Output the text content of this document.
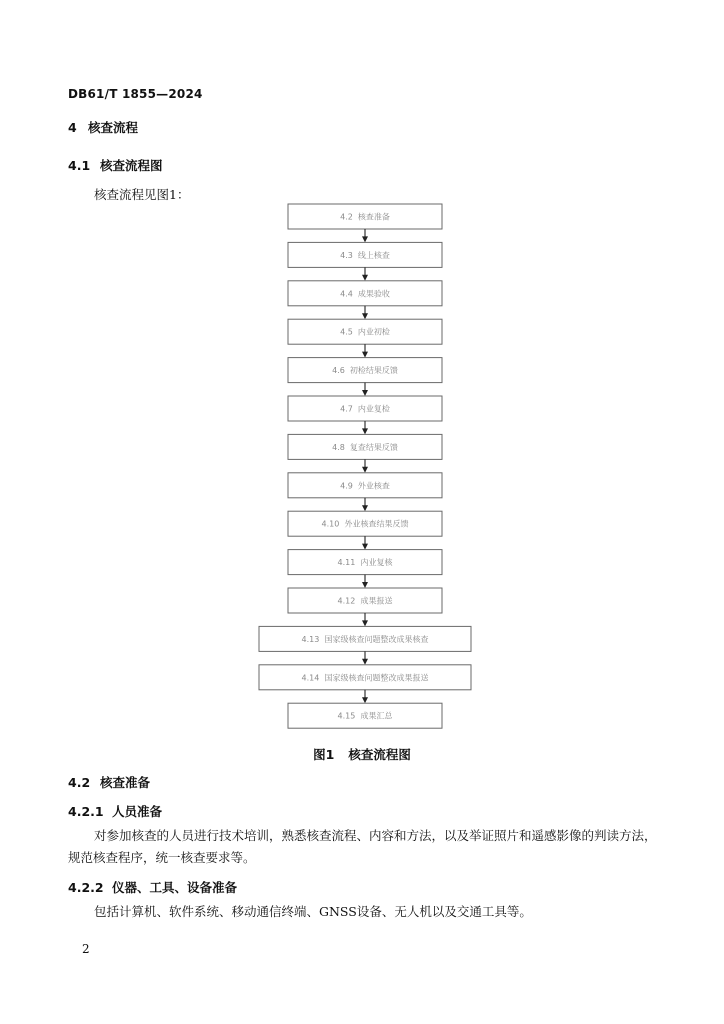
DB61/T 1855—2024
4 核查流程
4.1 核查流程图
核查流程见图1：
4.2  核查准备
4.3  线上核查
4.4  成果验收
4.5  内业初检
4.6  初检结果反馈
4.7  内业复检
4.8  复查结果反馈
4.9  外业核查
4.10  外业核查结果反馈
4.11  内业复核
4.12  成果报送
4.13  国家级核查问题整改成果核查
4.14  国家级核查问题整改成果报送
4.15  成果汇总
图1 核查流程图
4.2 核查准备
4.2.1 人员准备
对参加核查的人员进行技术培训，熟悉核查流程、内容和方法，以及举证照片和遥感影像的判读方法，规范核查程序，统一核查要求等。
4.2.2 仪器、工具、设备准备
包括计算机、软件系统、移动通信终端、GNSS设备、无人机以及交通工具等。
2
